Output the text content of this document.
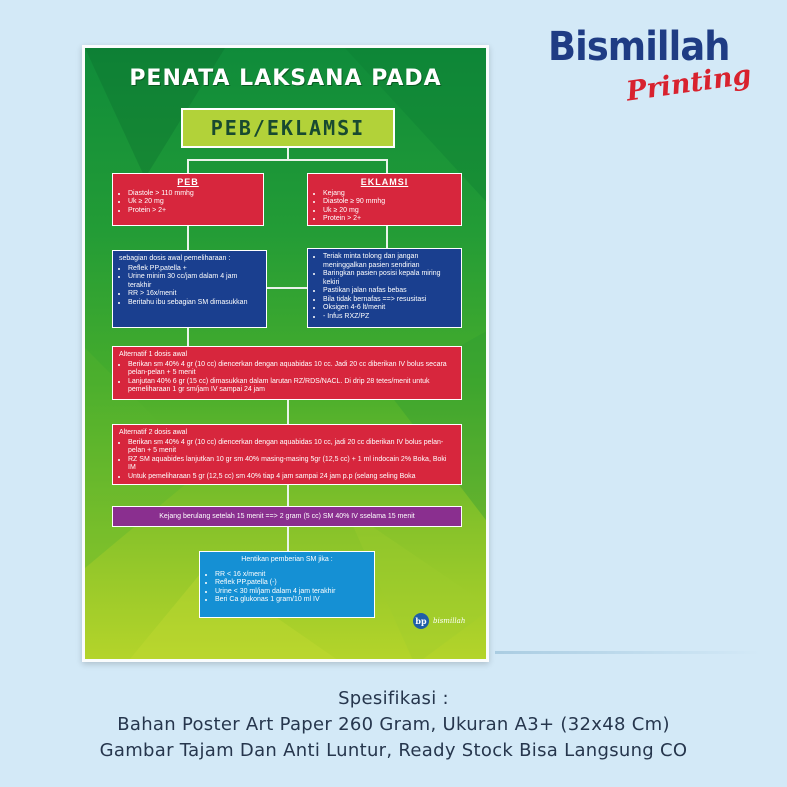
Bismillah
Printing
PENATA LAKSANA PADA
PEB/EKLAMSI
PEB
• Diastole > 110 mmhg
• Uk ≥ 20 mg
• Protein > 2+
EKLAMSI
• Kejang
• Diastole ≥ 90 mmhg
• Uk ≥ 20 mg
• Protein > 2+
sebagian dosis awal pemeliharaan :
• Reflek PP.patella +
• Urine minim 30 cc/jam dalam 4 jam terakhir
• RR > 16x/menit
• Beritahu ibu sebagian SM dimasukkan
• Teriak minta tolong dan jangan meninggalkan pasien sendirian
• Baringkan pasien posisi kepala miring kekiri
• Pastikan jalan nafas bebas
• Bila tidak bernafas ==> resusitasi
• Oksigen 4-6 lt/menit
• - Infus RXZ/PZ
Alternatif 1 dosis awal
• Berikan sm 40% 4 gr (10 cc) diencerkan dengan aquabidas 10 cc. Jadi 20 cc diberikan IV bolus secara pelan-pelan + 5 menit
• Lanjutan 40% 6 gr (15 cc) dimasukkan dalam larutan RZ/RDS/NACL. Di drip 28 tetes/menit untuk pemeliharaan 1 gr sm/jam IV sampai 24 jam
Alternatif 2 dosis awal
• Berikan sm 40% 4 gr (10 cc) diencerkan dengan aquabidas 10 cc, jadi 20 cc diberikan IV bolus pelan-pelan + 5 menit
• RZ SM aquabides lanjutkan 10 gr sm 40% masing-masing 5gr (12,5 cc) + 1 ml indocain 2% Boka, Boki IM
• Untuk pemeliharaan 5 gr (12,5 cc) sm 40% tiap 4 jam sampai 24 jam p.p (selang seling Boka
Kejang berulang setelah 15 menit ==> 2 gram (5 cc) SM 40% IV sselama 15 menit
Hentikan pemberian SM jika :
• RR < 16 x/menit
• Reflek PP.patella (-)
• Urine < 30 ml/jam dalam 4 jam terakhir
• Beri Ca glukonas 1 gram/10 ml IV
bp bismillah
Spesifikasi :
Bahan Poster Art Paper 260 Gram, Ukuran A3+ (32x48 Cm)
Gambar Tajam Dan Anti Luntur, Ready Stock Bisa Langsung CO
